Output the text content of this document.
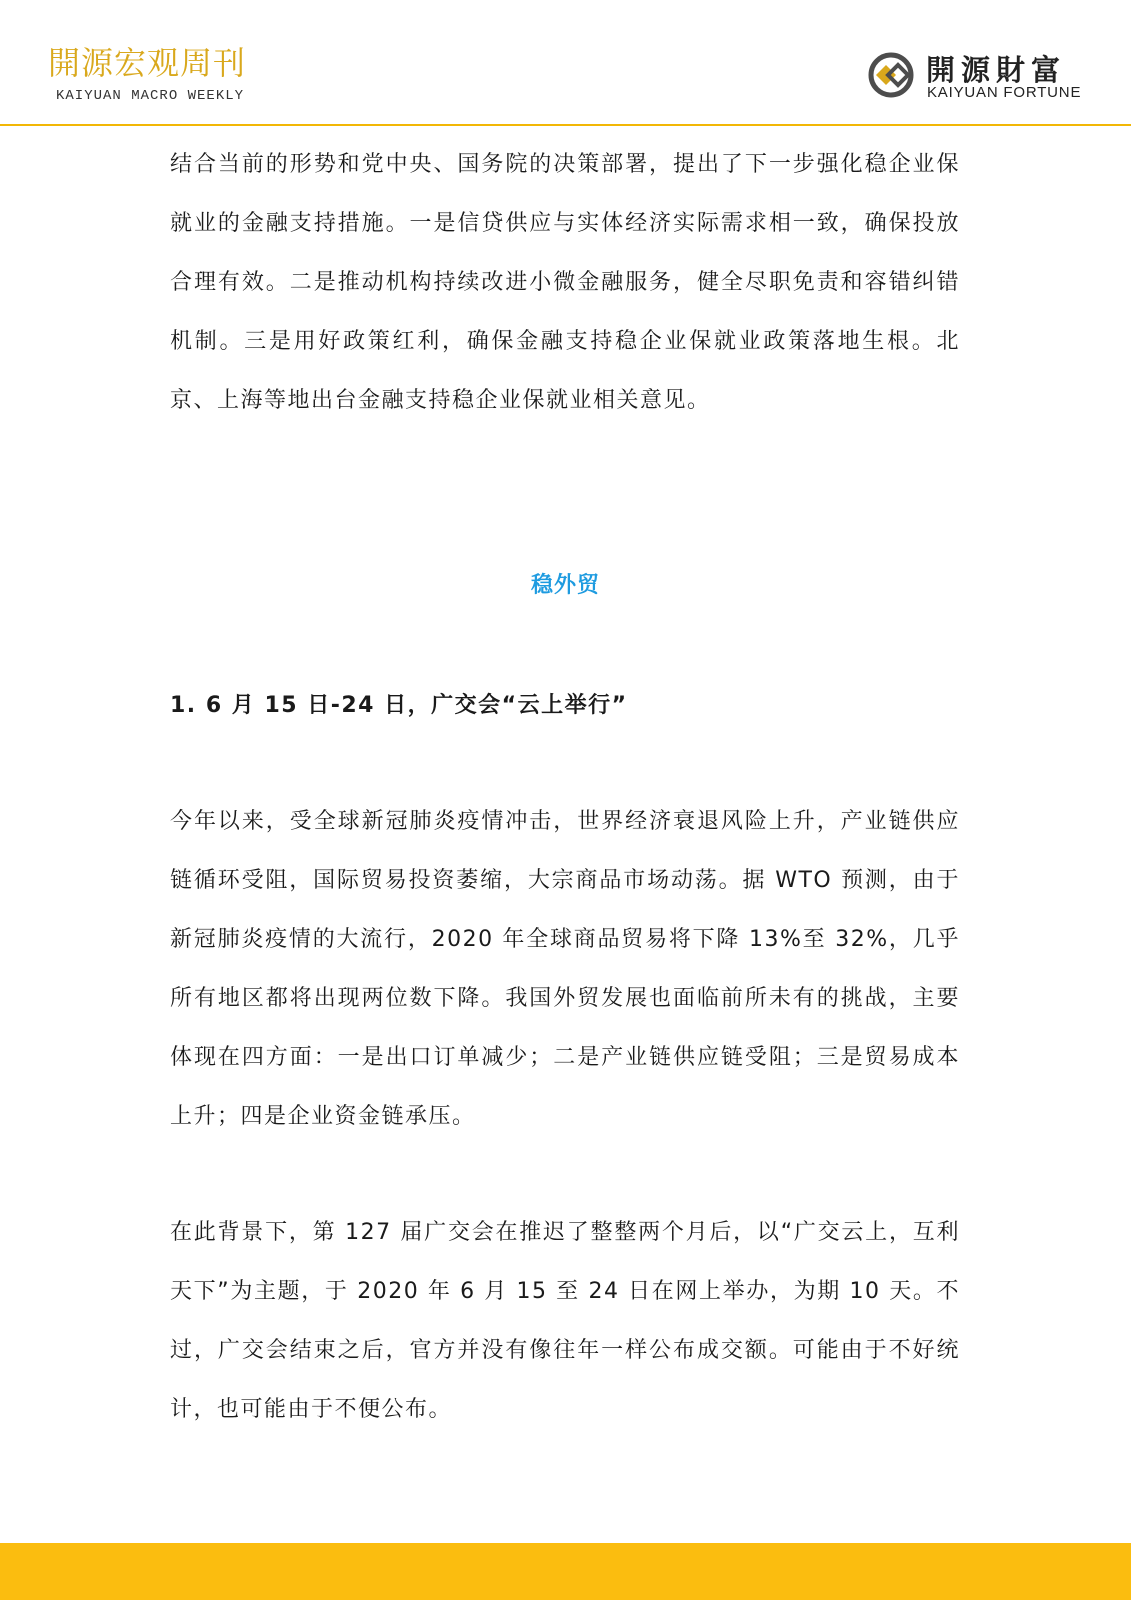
開源宏观周刊
KAIYUAN MACRO WEEKLY
開源財富
KAIYUAN FORTUNE

结合当前的形势和党中央、国务院的决策部署，提出了下一步强化稳企业保就业的金融支持措施。一是信贷供应与实体经济实际需求相一致，确保投放合理有效。二是推动机构持续改进小微金融服务，健全尽职免责和容错纠错机制。三是用好政策红利，确保金融支持稳企业保就业政策落地生根。北京、上海等地出台金融支持稳企业保就业相关意见。

稳外贸
1. 6 月 15 日-24 日，广交会“云上举行”

今年以来，受全球新冠肺炎疫情冲击，世界经济衰退风险上升，产业链供应链循环受阻，国际贸易投资萎缩，大宗商品市场动荡。据 WTO 预测，由于新冠肺炎疫情的大流行，2020 年全球商品贸易将下降 13%至 32%，几乎所有地区都将出现两位数下降。我国外贸发展也面临前所未有的挑战，主要体现在四方面：一是出口订单减少；二是产业链供应链受阻；三是贸易成本上升；四是企业资金链承压。

在此背景下，第 127 届广交会在推迟了整整两个月后，以“广交云上，互利天下”为主题，于 2020 年 6 月 15 至 24 日在网上举办，为期 10 天。不过，广交会结束之后，官方并没有像往年一样公布成交额。可能由于不好统计，也可能由于不便公布。
